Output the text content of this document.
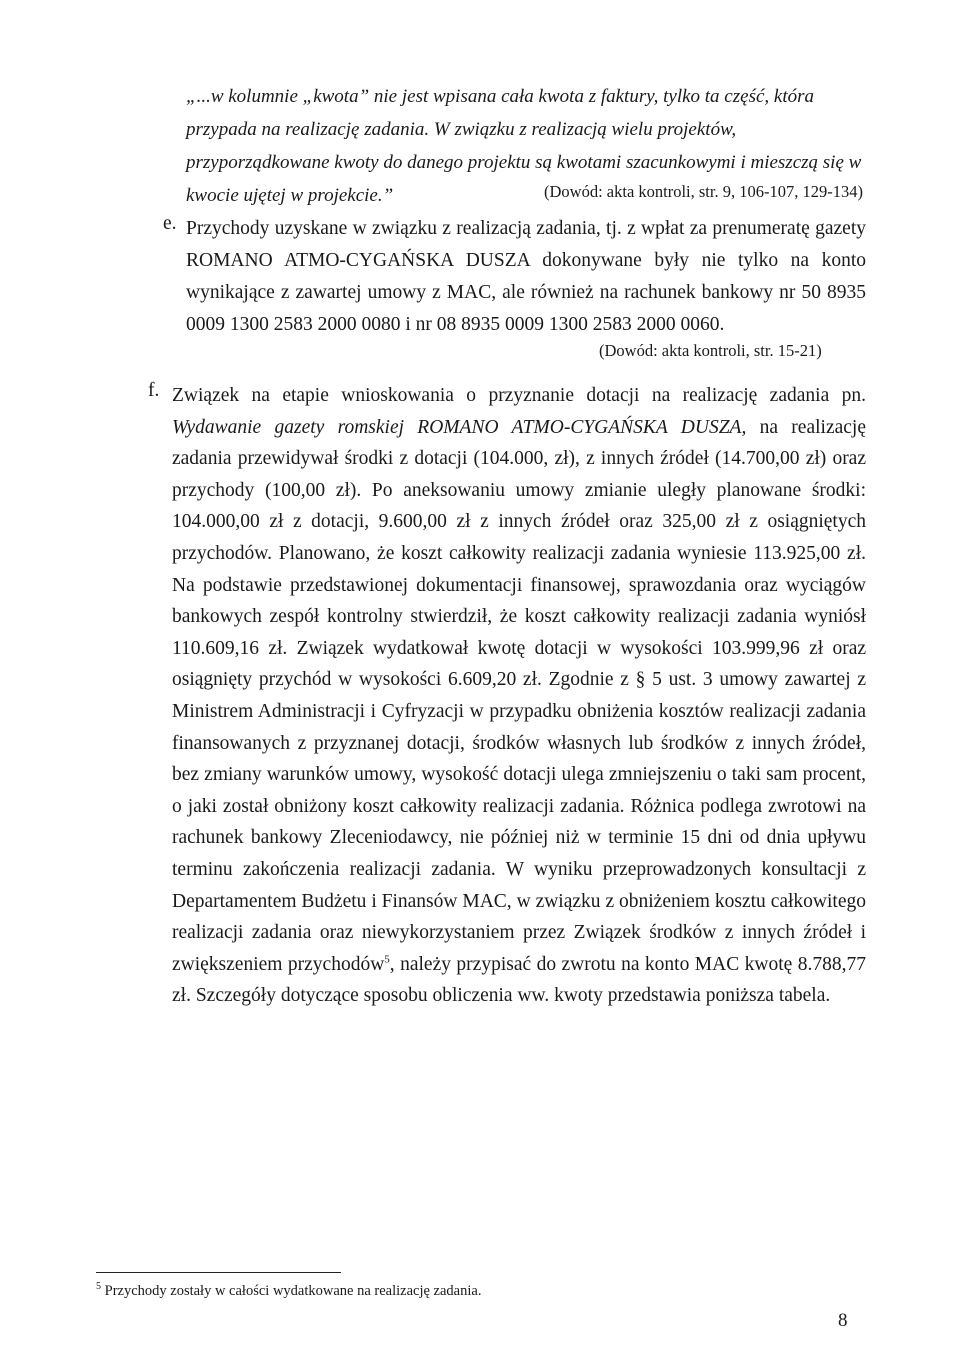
„...w kolumnie „kwota” nie jest wpisana cała kwota z faktury, tylko ta część, która przypada na realizację zadania. W związku z realizacją wielu projektów, przyporządkowane kwoty do danego projektu są kwotami szacunkowymi i mieszczą się w kwocie ujętej w projekcie.”	(Dowód: akta kontroli, str. 9, 106-107, 129-134)
e. Przychody uzyskane w związku z realizacją zadania, tj. z wpłat za prenumeratę gazety ROMANO ATMO-CYGAŃSKA DUSZA dokonywane były nie tylko na konto wynikające z zawartej umowy z MAC, ale również na rachunek bankowy nr 50 8935 0009 1300 2583 2000 0080 i nr 08 8935 0009 1300 2583 2000 0060.
(Dowód: akta kontroli, str. 15-21)
f. Związek na etapie wnioskowania o przyznanie dotacji na realizację zadania pn. Wydawanie gazety romskiej ROMANO ATMO-CYGAŃSKA DUSZA, na realizację zadania przewidywał środki z dotacji (104.000, zł), z innych źródeł (14.700,00 zł) oraz przychody (100,00 zł). Po aneksowaniu umowy zmianie uległy planowane środki: 104.000,00 zł z dotacji, 9.600,00 zł z innych źródeł oraz 325,00 zł z osiągniętych przychodów. Planowano, że koszt całkowity realizacji zadania wyniesie 113.925,00 zł. Na podstawie przedstawionej dokumentacji finansowej, sprawozdania oraz wyciągów bankowych zespół kontrolny stwierdził, że koszt całkowity realizacji zadania wyniósł 110.609,16 zł. Związek wydatkował kwotę dotacji w wysokości 103.999,96 zł oraz osiągnięty przychód w wysokości 6.609,20 zł. Zgodnie z § 5 ust. 3 umowy zawartej z Ministrem Administracji i Cyfryzacji w przypadku obniżenia kosztów realizacji zadania finansowanych z przyznanej dotacji, środków własnych lub środków z innych źródeł, bez zmiany warunków umowy, wysokość dotacji ulega zmniejszeniu o taki sam procent, o jaki został obniżony koszt całkowity realizacji zadania. Różnica podlega zwrotowi na rachunek bankowy Zleceniodawcy, nie później niż w terminie 15 dni od dnia upływu terminu zakończenia realizacji zadania. W wyniku przeprowadzonych konsultacji z Departamentem Budżetu i Finansów MAC, w związku z obniżeniem kosztu całkowitego realizacji zadania oraz niewykorzystaniem przez Związek środków z innych źródeł i zwiększeniem przychodów$^5$, należy przypisać do zwrotu na konto MAC kwotę 8.788,77 zł. Szczegóły dotyczące sposobu obliczenia ww. kwoty przedstawia poniższa tabela.
$^5$ Przychody zostały w całości wydatkowane na realizację zadania.
8
